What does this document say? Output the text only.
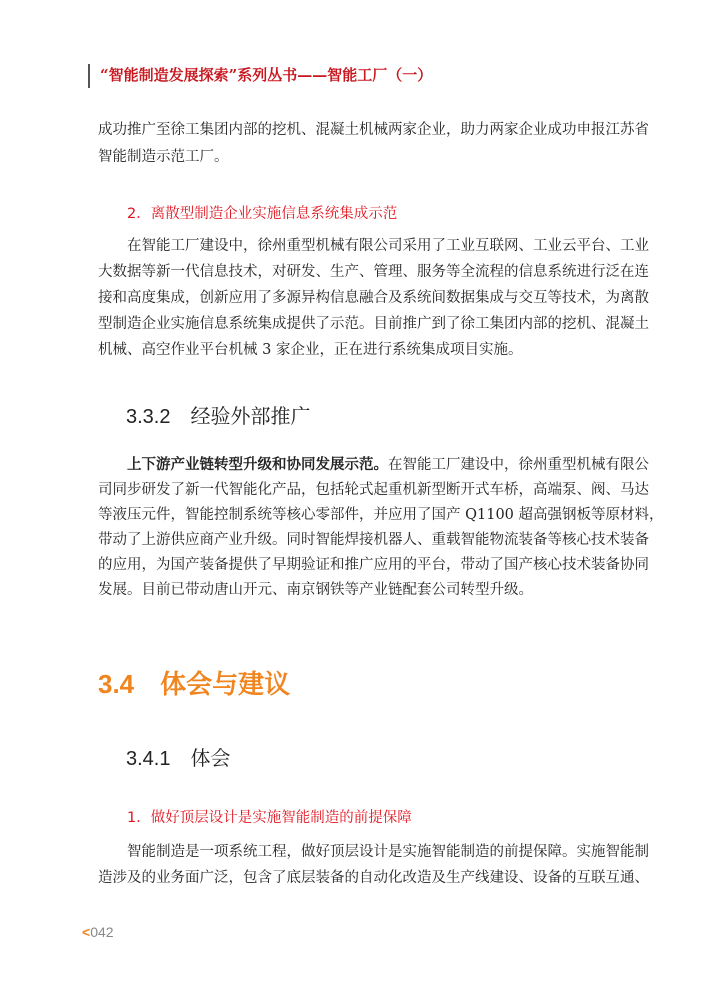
“智能制造发展探索”系列丛书——智能工厂（一）
成功推广至徐工集团内部的挖机、混凝土机械两家企业，助力两家企业成功申报江苏省
智能制造示范工厂。
2．离散型制造企业实施信息系统集成示范
在智能工厂建设中，徐州重型机械有限公司采用了工业互联网、工业云平台、工业
大数据等新一代信息技术，对研发、生产、管理、服务等全流程的信息系统进行泛在连
接和高度集成，创新应用了多源异构信息融合及系统间数据集成与交互等技术，为离散
型制造企业实施信息系统集成提供了示范。目前推广到了徐工集团内部的挖机、混凝土
机械、高空作业平台机械 3 家企业，正在进行系统集成项目实施。
3.3.2　经验外部推广
上下游产业链转型升级和协同发展示范。在智能工厂建设中，徐州重型机械有限公
司同步研发了新一代智能化产品，包括轮式起重机新型断开式车桥，高端泵、阀、马达
等液压元件，智能控制系统等核心零部件，并应用了国产 Q1100 超高强钢板等原材料，
带动了上游供应商产业升级。同时智能焊接机器人、重载智能物流装备等核心技术装备
的应用，为国产装备提供了早期验证和推广应用的平台，带动了国产核心技术装备协同
发展。目前已带动唐山开元、南京钢铁等产业链配套公司转型升级。
3.4　体会与建议
3.4.1　体会
1．做好顶层设计是实施智能制造的前提保障
智能制造是一项系统工程，做好顶层设计是实施智能制造的前提保障。实施智能制
造涉及的业务面广泛，包含了底层装备的自动化改造及生产线建设、设备的互联互通、
<042
